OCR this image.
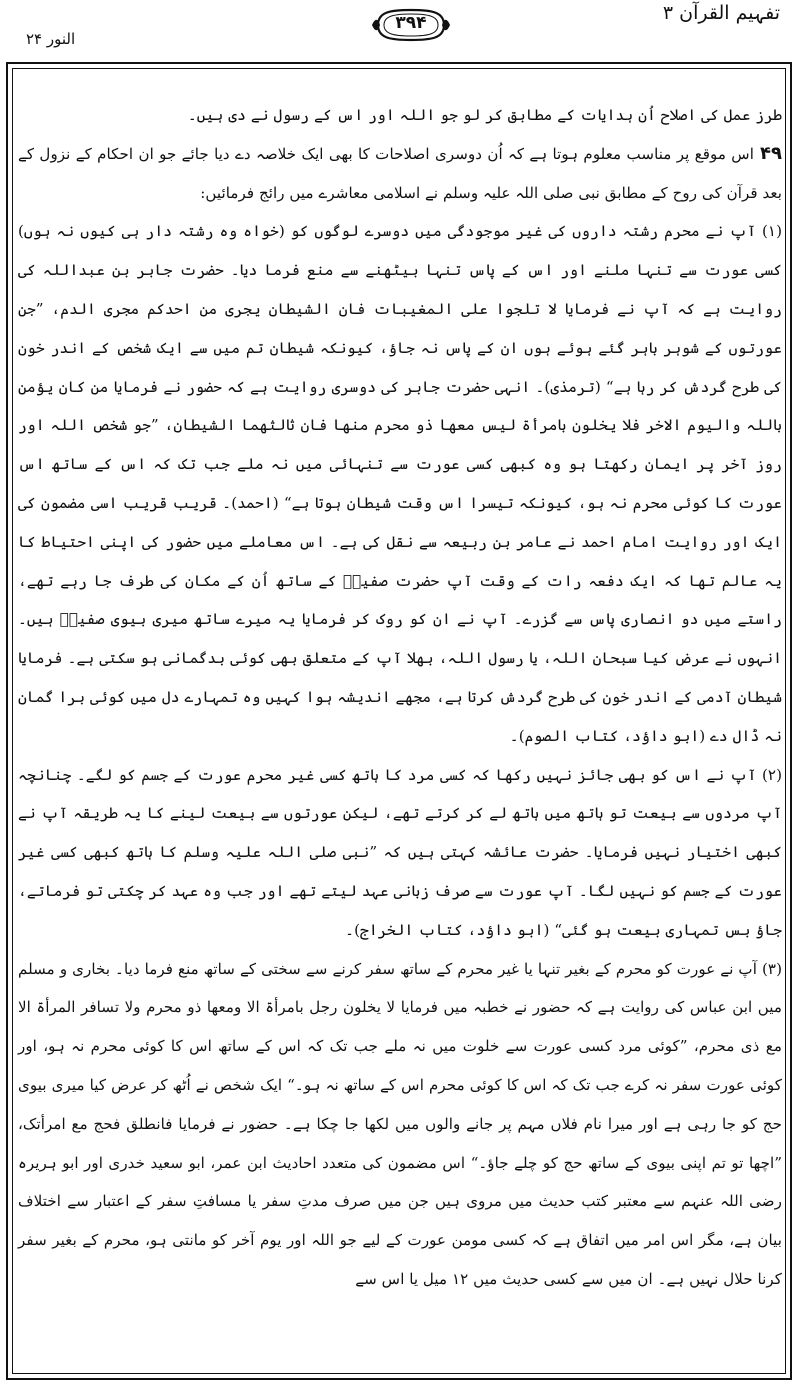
تفہیم القرآن ۳
۳۹۴
النور ۲۴

طرز عمل کی اصلاح اُن ہدایات کے مطابق کر لو جو اللہ اور اس کے رسول نے دی ہیں۔

۴۹اس موقع پر مناسب معلوم ہوتا ہے کہ اُن دوسری اصلاحات کا بھی ایک خلاصہ دے دیا جائے جو ان احکام کے نزول کے بعد قرآن کی روح کے مطابق نبی صلی اللہ علیہ وسلم نے اسلامی معاشرے میں رائج فرمائیں:

(۱) آپ نے محرم رشتہ داروں کی غیر موجودگی میں دوسرے لوگوں کو (خواہ وہ رشتہ دار ہی کیوں نہ ہوں) کسی عورت سے تنہا ملنے اور اس کے پاس تنہا بیٹھنے سے منع فرما دیا۔ حضرت جابر بن عبداللہ کی روایت ہے کہ آپ نے فرمایا لا تلجوا علی المغیبات فان الشیطان یجری من احدکم مجری الدم، ”جن عورتوں کے شوہر باہر گئے ہوئے ہوں ان کے پاس نہ جاؤ، کیونکہ شیطان تم میں سے ایک شخص کے اندر خون کی طرح گردش کر رہا ہے“ (ترمذی)۔ انہی حضرت جابر کی دوسری روایت ہے کہ حضور نے فرمایا من کان یؤمن باللہ والیوم الاخر فلا یخلون بامرأۃ لیس معھا ذو محرم منھا فان ثالثھما الشیطان، ”جو شخص اللہ اور روز آخر پر ایمان رکھتا ہو وہ کبھی کسی عورت سے تنہائی میں نہ ملے جب تک کہ اس کے ساتھ اس عورت کا کوئی محرم نہ ہو، کیونکہ تیسرا اس وقت شیطان ہوتا ہے“ (احمد)۔ قریب قریب اسی مضمون کی ایک اور روایت امام احمد نے عامر بن ربیعہ سے نقل کی ہے۔ اس معاملے میں حضور کی اپنی احتیاط کا یہ عالم تھا کہ ایک دفعہ رات کے وقت آپ حضرت صفیہؓ کے ساتھ اُن کے مکان کی طرف جا رہے تھے، راستے میں دو انصاری پاس سے گزرے۔ آپ نے ان کو روک کر فرمایا یہ میرے ساتھ میری بیوی صفیہؓ ہیں۔ انہوں نے عرض کیا سبحان اللہ، یا رسول اللہ، بھلا آپ کے متعلق بھی کوئی بدگمانی ہو سکتی ہے۔ فرمایا شیطان آدمی کے اندر خون کی طرح گردش کرتا ہے، مجھے اندیشہ ہوا کہیں وہ تمہارے دل میں کوئی برا گمان نہ ڈال دے (ابو داؤد، کتاب الصوم)۔

(۲) آپ نے اس کو بھی جائز نہیں رکھا کہ کسی مرد کا ہاتھ کسی غیر محرم عورت کے جسم کو لگے۔ چنانچہ آپ مردوں سے بیعت تو ہاتھ میں ہاتھ لے کر کرتے تھے، لیکن عورتوں سے بیعت لینے کا یہ طریقہ آپ نے کبھی اختیار نہیں فرمایا۔ حضرت عائشہ کہتی ہیں کہ ”نبی صلی اللہ علیہ وسلم کا ہاتھ کبھی کسی غیر عورت کے جسم کو نہیں لگا۔ آپ عورت سے صرف زبانی عہد لیتے تھے اور جب وہ عہد کر چکتی تو فرماتے، جاؤ بس تمہاری بیعت ہو گئی“ (ابو داؤد، کتاب الخراج)۔

(۳) آپ نے عورت کو محرم کے بغیر تنہا یا غیر محرم کے ساتھ سفر کرنے سے سختی کے ساتھ منع فرما دیا۔ بخاری و مسلم میں ابن عباس کی روایت ہے کہ حضور نے خطبہ میں فرمایا لا یخلون رجل بامرأۃ الا ومعھا ذو محرم ولا تسافر المرأۃ الا مع ذی محرم، ”کوئی مرد کسی عورت سے خلوت میں نہ ملے جب تک کہ اس کے ساتھ اس کا کوئی محرم نہ ہو، اور کوئی عورت سفر نہ کرے جب تک کہ اس کا کوئی محرم اس کے ساتھ نہ ہو۔“ ایک شخص نے اُٹھ کر عرض کیا میری بیوی حج کو جا رہی ہے اور میرا نام فلاں مہم پر جانے والوں میں لکھا جا چکا ہے۔ حضور نے فرمایا فانطلق فحج مع امرأتک، ”اچھا تو تم اپنی بیوی کے ساتھ حج کو چلے جاؤ۔“ اس مضمون کی متعدد احادیث ابن عمر، ابو سعید خدری اور ابو ہریرہ رضی اللہ عنہم سے معتبر کتب حدیث میں مروی ہیں جن میں صرف مدتِ سفر یا مسافتِ سفر کے اعتبار سے اختلاف بیان ہے، مگر اس امر میں اتفاق ہے کہ کسی مومن عورت کے لیے جو اللہ اور یوم آخر کو مانتی ہو، محرم کے بغیر سفر کرنا حلال نہیں ہے۔ ان میں سے کسی حدیث میں ۱۲ میل یا اس سے
